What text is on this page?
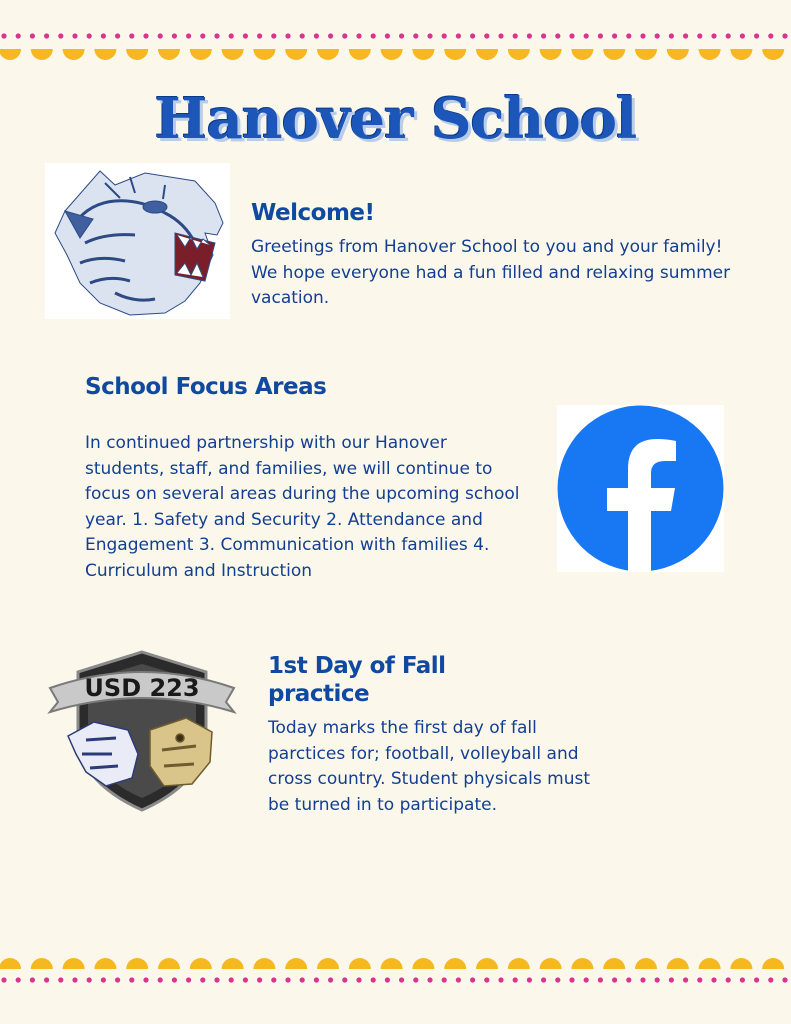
Hanover School
Welcome!

Greetings from Hanover School to you and your family! We hope everyone had a fun filled and relaxing summer vacation.

School Focus Areas

In continued partnership with our Hanover students, staff, and families, we will continue to focus on several areas during the upcoming school year. 1. Safety and Security 2. Attendance and Engagement 3. Communication with families 4. Curriculum and Instruction

USD 223
1st Day of Fall practice

Today marks the first day of fall parctices for; football, volleyball and cross country. Student physicals must be turned in to participate.
